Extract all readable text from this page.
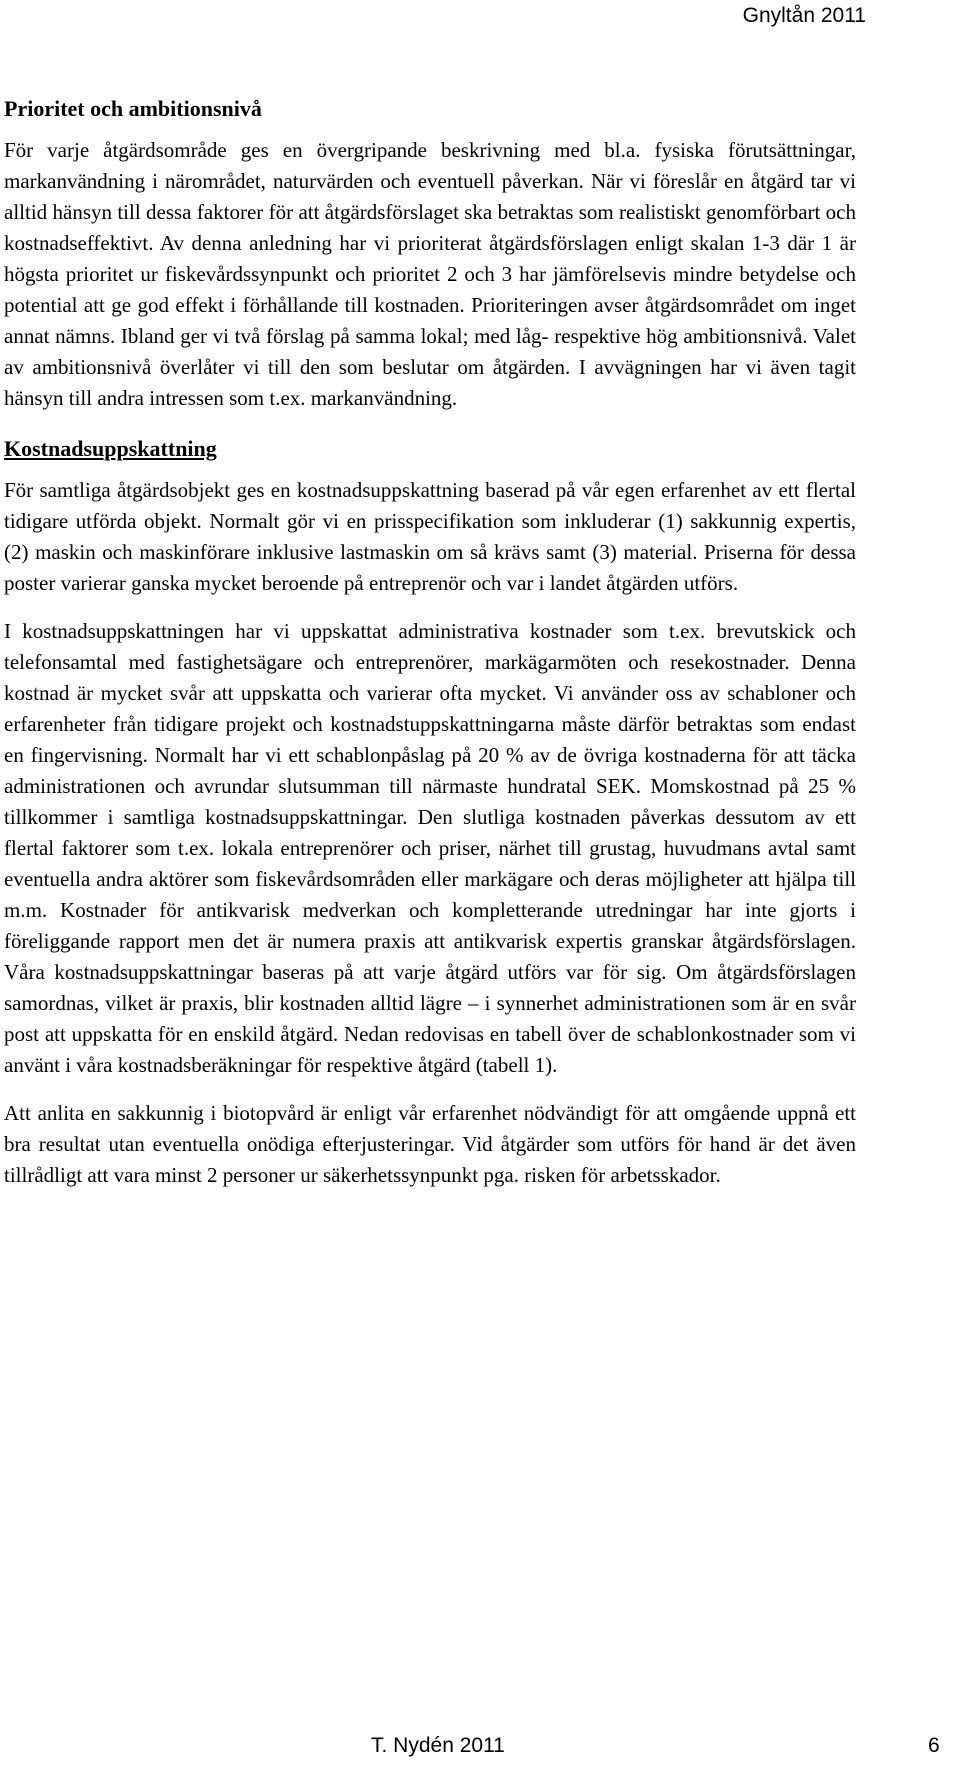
Gnyltån 2011
Prioritet och ambitionsnivå

För varje åtgärdsområde ges en övergripande beskrivning med bl.a. fysiska förutsättningar, markanvändning i närområdet, naturvärden och eventuell påverkan. När vi föreslår en åtgärd tar vi alltid hänsyn till dessa faktorer för att åtgärdsförslaget ska betraktas som realistiskt genomförbart och kostnadseffektivt. Av denna anledning har vi prioriterat åtgärdsförslagen enligt skalan 1-3 där 1 är högsta prioritet ur fiskevårdssynpunkt och prioritet 2 och 3 har jämförelsevis mindre betydelse och potential att ge god effekt i förhållande till kostnaden. Prioriteringen avser åtgärdsområdet om inget annat nämns. Ibland ger vi två förslag på samma lokal; med låg- respektive hög ambitionsnivå. Valet av ambitionsnivå överlåter vi till den som beslutar om åtgärden. I avvägningen har vi även tagit hänsyn till andra intressen som t.ex. markanvändning.

Kostnadsuppskattning

För samtliga åtgärdsobjekt ges en kostnadsuppskattning baserad på vår egen erfarenhet av ett flertal tidigare utförda objekt. Normalt gör vi en prisspecifikation som inkluderar (1) sakkunnig expertis, (2) maskin och maskinförare inklusive lastmaskin om så krävs samt (3) material. Priserna för dessa poster varierar ganska mycket beroende på entreprenör och var i landet åtgärden utförs.

I kostnadsuppskattningen har vi uppskattat administrativa kostnader som t.ex. brevutskick och telefonsamtal med fastighetsägare och entreprenörer, markägarmöten och resekostnader. Denna kostnad är mycket svår att uppskatta och varierar ofta mycket. Vi använder oss av schabloner och erfarenheter från tidigare projekt och kostnadstuppskattningarna måste därför betraktas som endast en fingervisning. Normalt har vi ett schablonpåslag på 20 % av de övriga kostnaderna för att täcka administrationen och avrundar slutsumman till närmaste hundratal SEK. Momskostnad på 25 % tillkommer i samtliga kostnadsuppskattningar. Den slutliga kostnaden påverkas dessutom av ett flertal faktorer som t.ex. lokala entreprenörer och priser, närhet till grustag, huvudmans avtal samt eventuella andra aktörer som fiskevårdsområden eller markägare och deras möjligheter att hjälpa till m.m. Kostnader för antikvarisk medverkan och kompletterande utredningar har inte gjorts i föreliggande rapport men det är numera praxis att antikvarisk expertis granskar åtgärdsförslagen. Våra kostnadsuppskattningar baseras på att varje åtgärd utförs var för sig. Om åtgärdsförslagen samordnas, vilket är praxis, blir kostnaden alltid lägre – i synnerhet administrationen som är en svår post att uppskatta för en enskild åtgärd. Nedan redovisas en tabell över de schablonkostnader som vi använt i våra kostnadsberäkningar för respektive åtgärd (tabell 1).

Att anlita en sakkunnig i biotopvård är enligt vår erfarenhet nödvändigt för att omgående uppnå ett bra resultat utan eventuella onödiga efterjusteringar. Vid åtgärder som utförs för hand är det även tillrådligt att vara minst 2 personer ur säkerhetssynpunkt pga. risken för arbetsskador.

T. Nydén 2011	6
